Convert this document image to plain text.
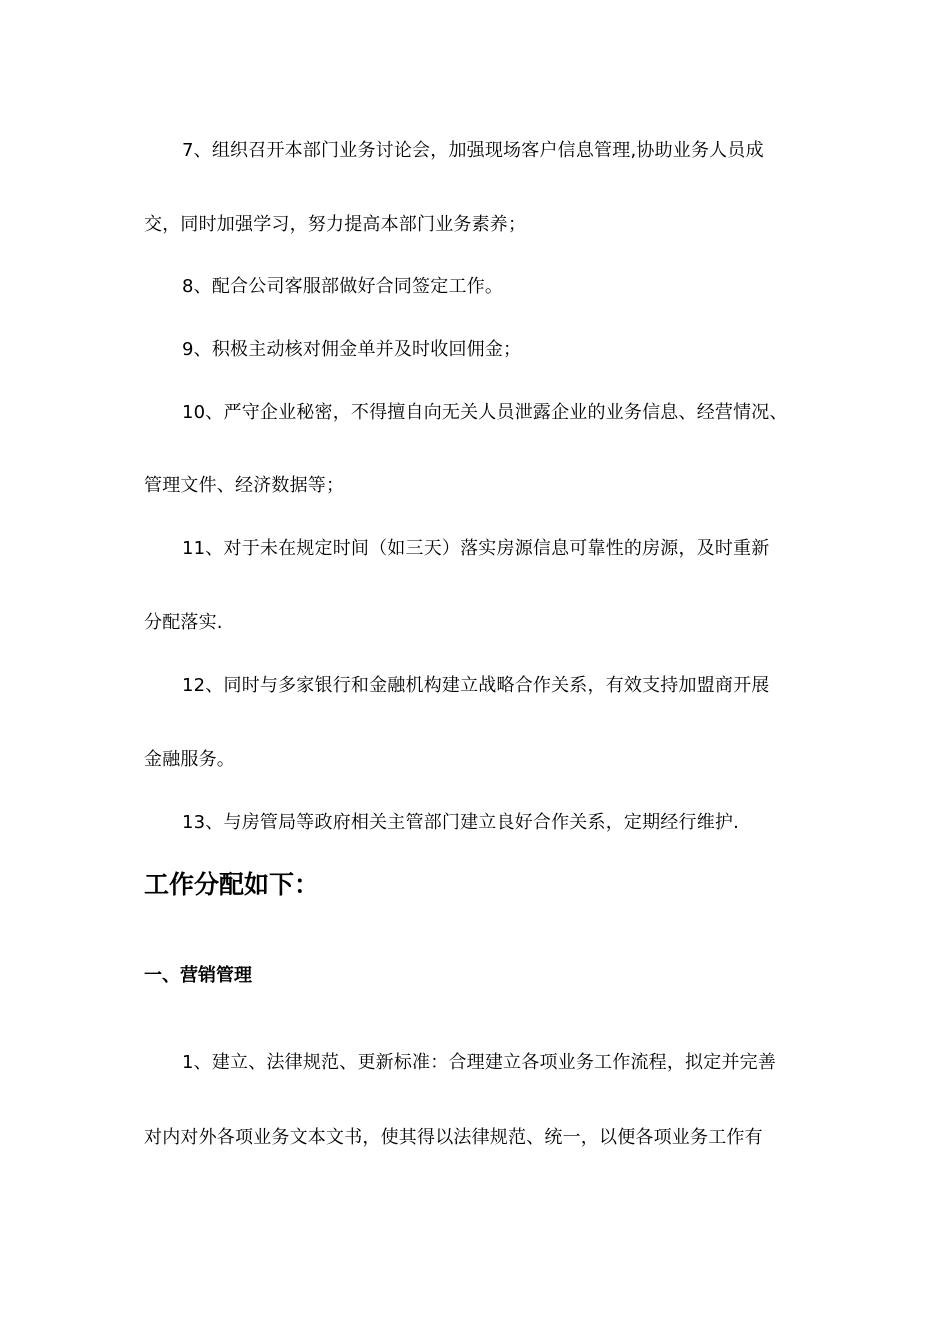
7、组织召开本部门业务讨论会，加强现场客户信息管理,协助业务人员成
交，同时加强学习，努力提高本部门业务素养；
8、配合公司客服部做好合同签定工作。
9、积极主动核对佣金单并及时收回佣金；
10、严守企业秘密，不得擅自向无关人员泄露企业的业务信息、经营情况、
管理文件、经济数据等；
11、对于未在规定时间（如三天）落实房源信息可靠性的房源，及时重新
分配落实.
12、同时与多家银行和金融机构建立战略合作关系，有效支持加盟商开展
金融服务。
13、与房管局等政府相关主管部门建立良好合作关系，定期经行维护.
工作分配如下：
一、营销管理
1、建立、法律规范、更新标准：合理建立各项业务工作流程，拟定并完善
对内对外各项业务文本文书，使其得以法律规范、统一，以便各项业务工作有
